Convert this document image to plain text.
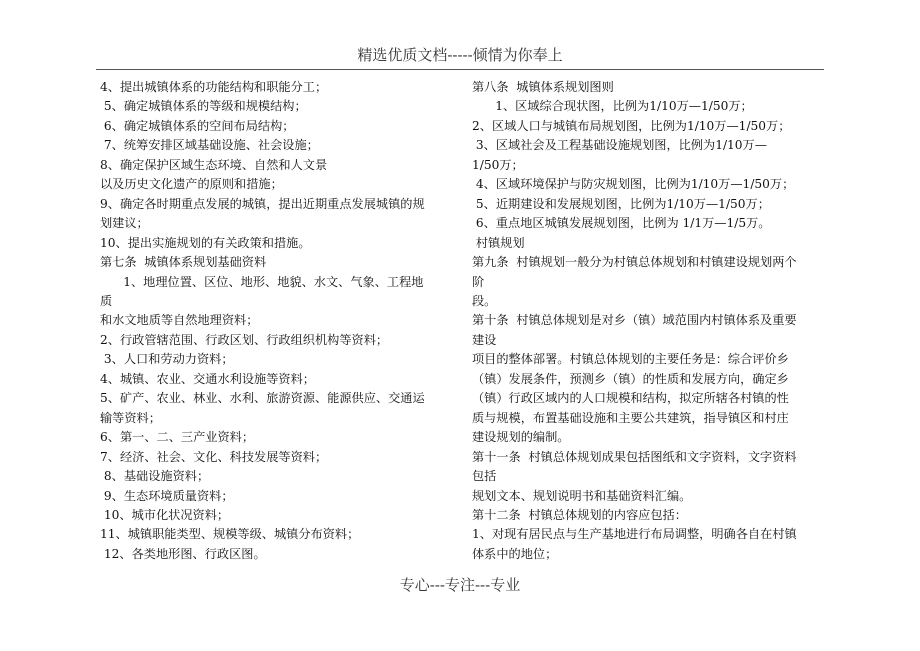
精选优质文档-----倾情为你奉上
4、提出城镇体系的功能结构和职能分工；
5、确定城镇体系的等级和规模结构；
6、确定城镇体系的空间布局结构；
7、统筹安排区域基础设施、社会设施；
8、确定保护区域生态环境、自然和人文景
以及历史文化遗产的原则和措施；
9、确定各时期重点发展的城镇，提出近期重点发展城镇的规
划建议；
10、提出实施规划的有关政策和措施。
第七条  城镇体系规划基础资料
1、地理位置、区位、地形、地貌、水文、气象、工程地
质
和水文地质等自然地理资料；
2、行政管辖范围、行政区划、行政组织机构等资料；
3、人口和劳动力资料；
4、城镇、农业、交通水利设施等资料；
5、矿产、农业、林业、水利、旅游资源、能源供应、交通运
输等资料；
6、第一、二、三产业资料；
7、经济、社会、文化、科技发展等资料；
8、基础设施资料；
9、生态环境质量资料；
10、城市化状况资料；
11、城镇职能类型、规模等级、城镇分布资料；
12、各类地形图、行政区图。
第八条  城镇体系规划图则
1、区域综合现状图，比例为1/10万—1/50万；
2、区域人口与城镇布局规划图，比例为1/10万—1/50万；
3、区域社会及工程基础设施规划图，比例为1/10万—
1/50万；
4、区域环境保护与防灾规划图，比例为1/10万—1/50万；
5、近期建设和发展规划图，比例为1/10万—1/50万；
6、重点地区城镇发展规划图，比例为 1/1万—1/5万。
村镇规划
第九条  村镇规划一般分为村镇总体规划和村镇建设规划两个
阶
段。
第十条  村镇总体规划是对乡（镇）域范围内村镇体系及重要
建设
项目的整体部署。村镇总体规划的主要任务是：综合评价乡
（镇）发展条件，预测乡（镇）的性质和发展方向，确定乡
（镇）行政区域内的人口规模和结构，拟定所辖各村镇的性
质与规模，布置基础设施和主要公共建筑，指导镇区和村庄
建设规划的编制。
第十一条  村镇总体规划成果包括图纸和文字资料，文字资料
包括
规划文本、规划说明书和基础资料汇编。
第十二条  村镇总体规划的内容应包括：
1、对现有居民点与生产基地进行布局调整，明确各自在村镇
体系中的地位；
专心---专注---专业
